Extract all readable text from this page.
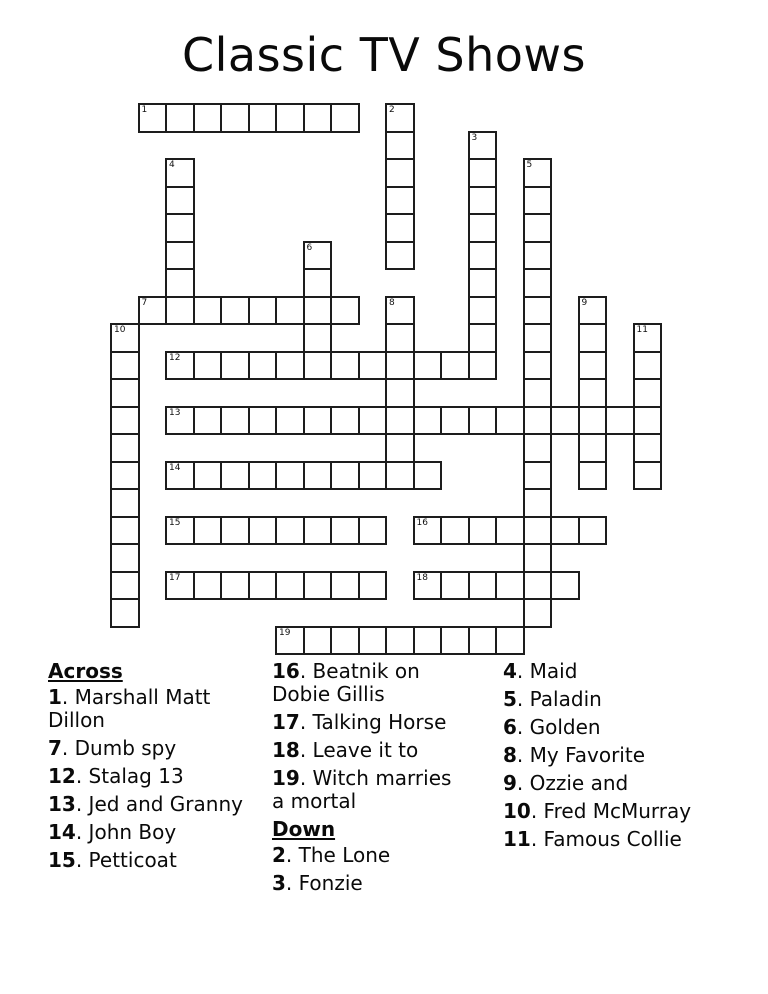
Classic TV Shows
1	2
3
4	5
6
7	8	9
10	11
12
13
14
15	16
17	18
19
Across
1. Marshall Matt Dillon
7. Dumb spy
12. Stalag 13
13. Jed and Granny
14. John Boy
15. Petticoat
16. Beatnik on Dobie Gillis
17. Talking Horse
18. Leave it to
19. Witch marries a mortal
Down
2. The Lone
3. Fonzie
4. Maid
5. Paladin
6. Golden
8. My Favorite
9. Ozzie and
10. Fred McMurray
11. Famous Collie
